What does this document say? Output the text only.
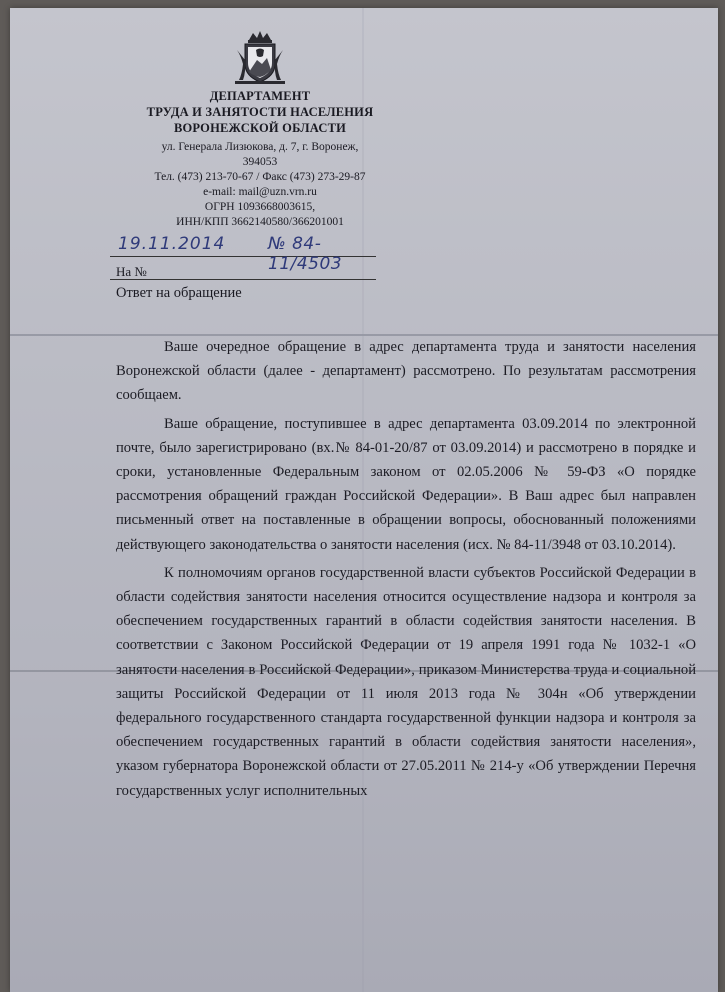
ДЕПАРТАМЕНТ
ТРУДА И ЗАНЯТОСТИ НАСЕЛЕНИЯ
ВОРОНЕЖСКОЙ ОБЛАСТИ
ул. Генерала Лизюкова, д. 7, г. Воронеж,
394053
Тел. (473) 213-70-67 / Факс (473) 273-29-87
e-mail: mail@uzn.vrn.ru
ОГРН 1093668003615,
ИНН/КПП 3662140580/366201001
19.11.2014	№ 84-11/4503
На №
Ответ на обращение

Ваше очередное обращение в адрес департамента труда и занятости населения Воронежской области (далее - департамент) рассмотрено. По результатам рассмотрения сообщаем.

Ваше обращение, поступившее в адрес департамента 03.09.2014 по электронной почте, было зарегистрировано (вх.№ 84-01-20/87 от 03.09.2014) и рассмотрено в порядке и сроки, установленные Федеральным законом от 02.05.2006 № 59-ФЗ «О порядке рассмотрения обращений граждан Российской Федерации». В Ваш адрес был направлен письменный ответ на поставленные в обращении вопросы, обоснованный положениями действующего законодательства о занятости населения (исх. № 84-11/3948 от 03.10.2014).

К полномочиям органов государственной власти субъектов Российской Федерации в области содействия занятости населения относится осуществление надзора и контроля за обеспечением государственных гарантий в области содействия занятости населения. В соответствии с Законом Российской Федерации от 19 апреля 1991 года № 1032-1 «О занятости населения в Российской Федерации», приказом Министерства труда и социальной защиты Российской Федерации от 11 июля 2013 года № 304н «Об утверждении федерального государственного стандарта государственной функции надзора и контроля за обеспечением государственных гарантий в области содействия занятости населения», указом губернатора Воронежской области от 27.05.2011 № 214-у «Об утверждении Перечня государственных услуг исполнительных
